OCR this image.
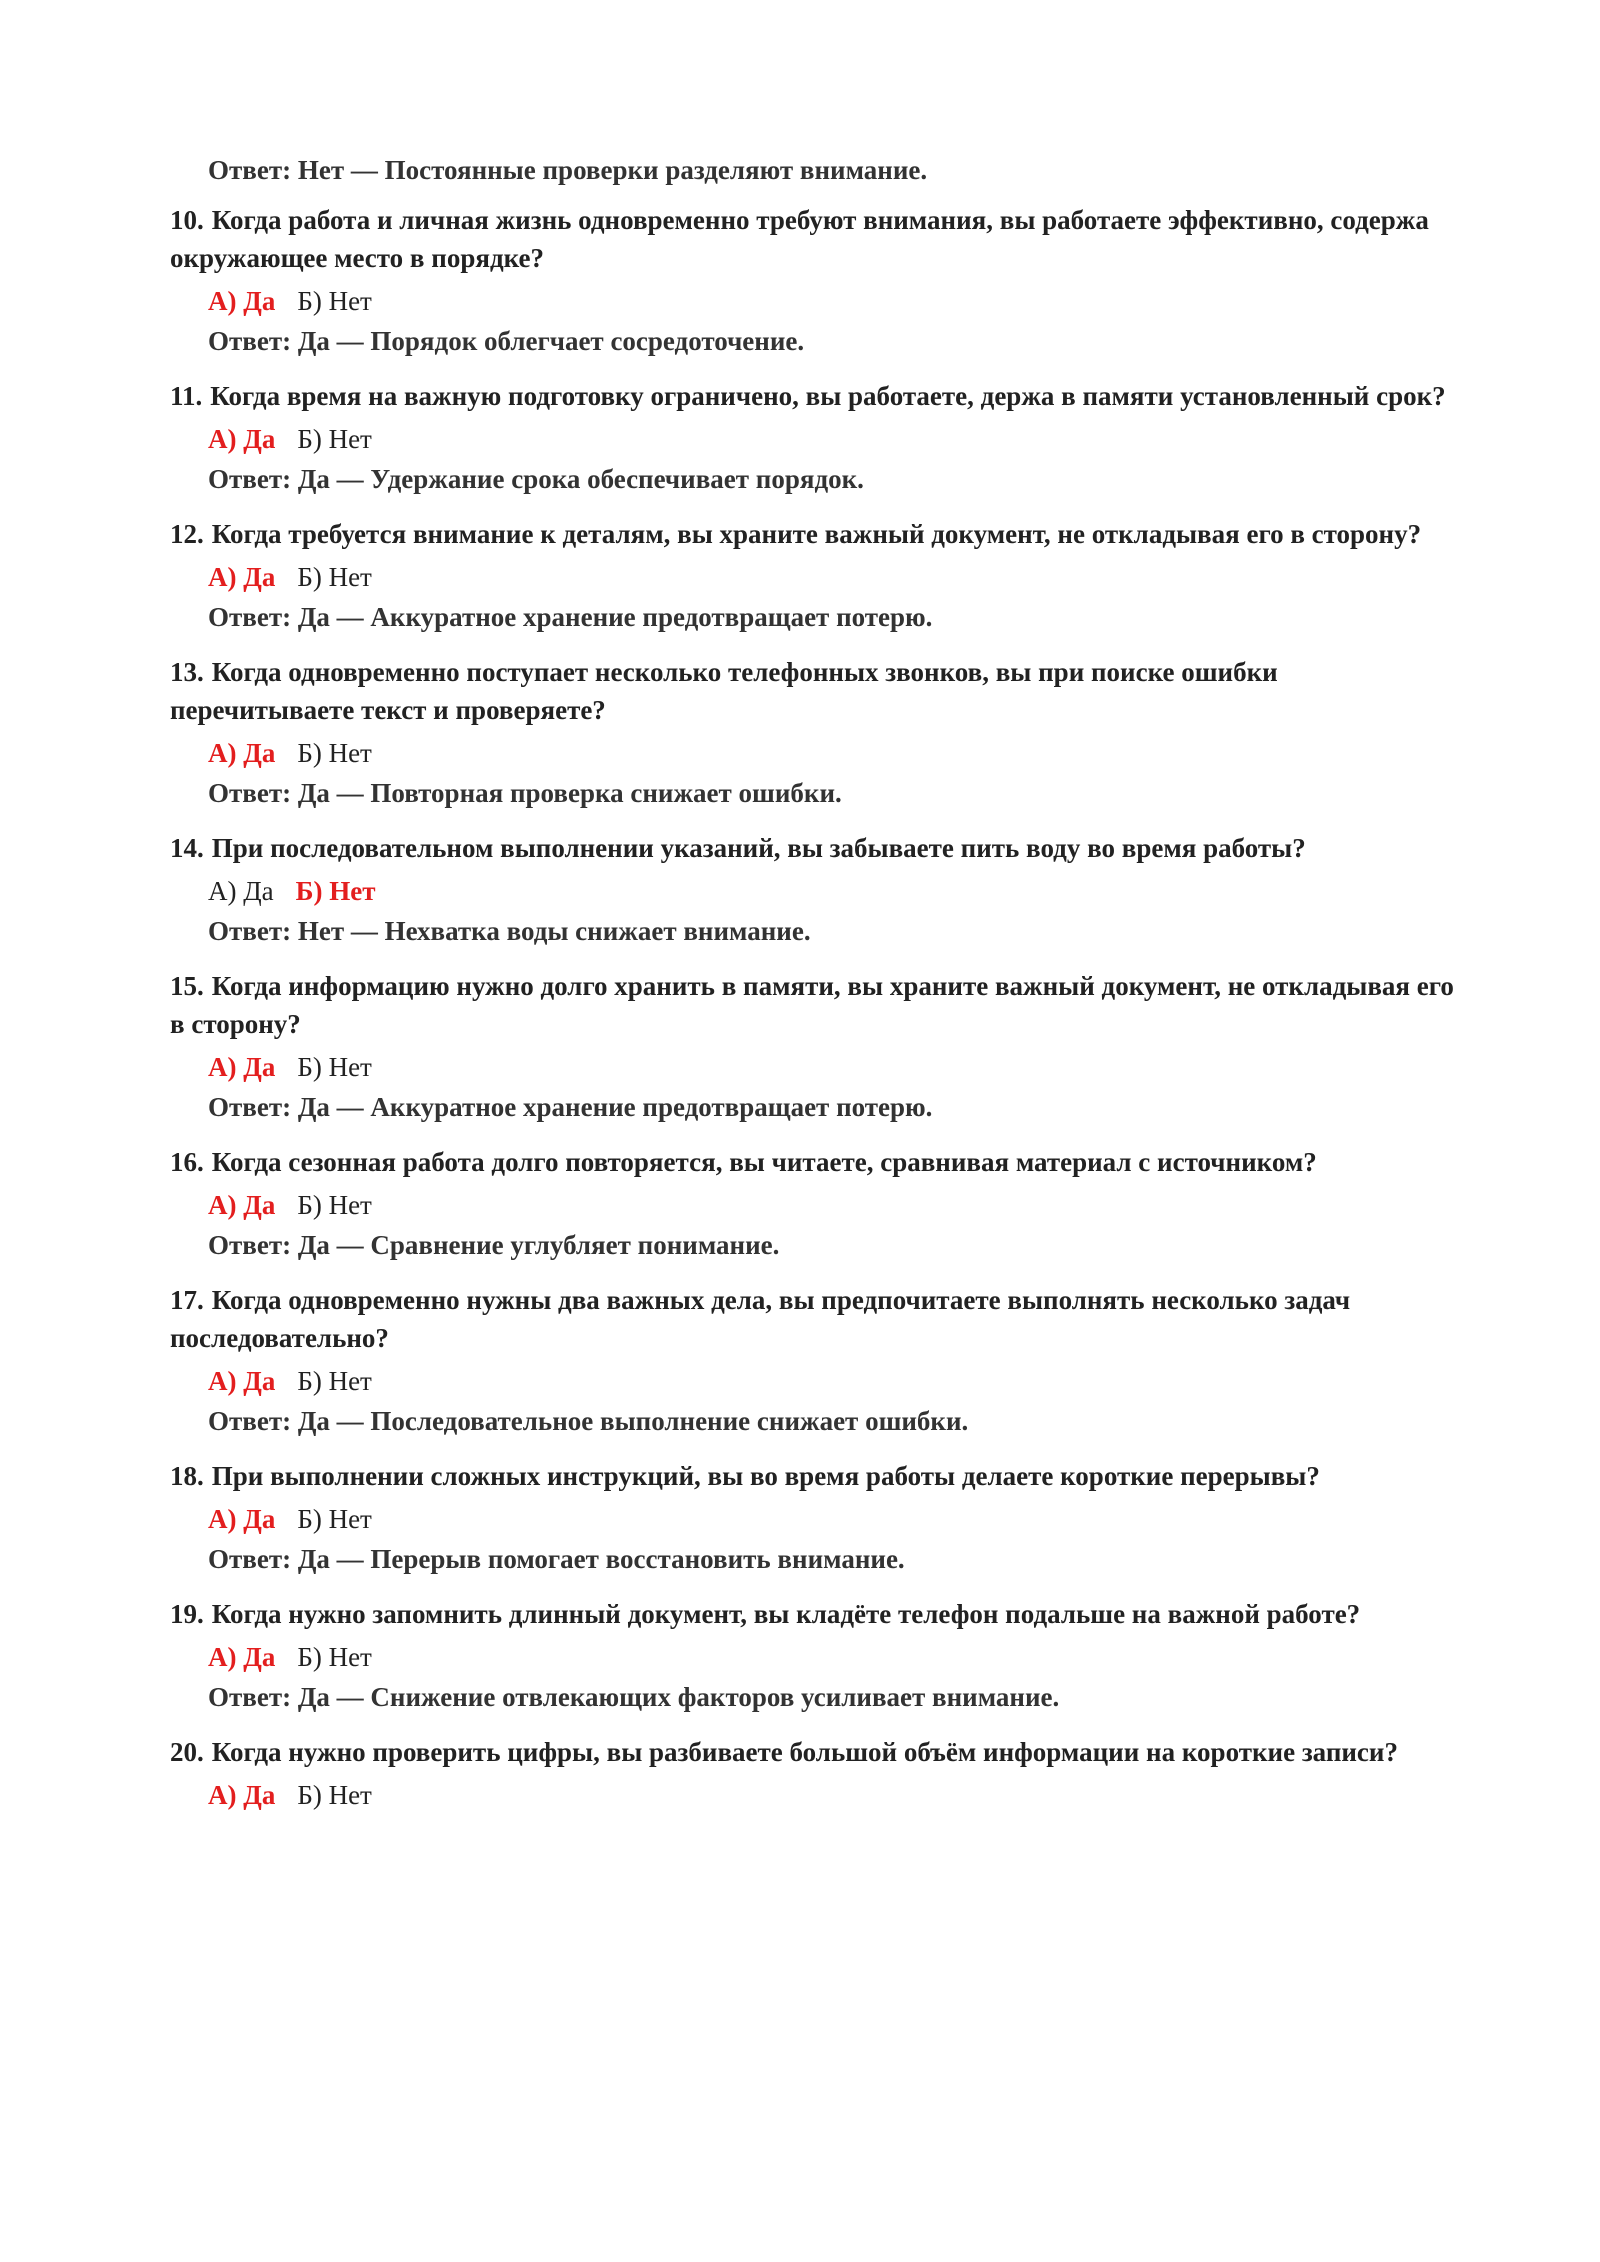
Ответ: Нет — Постоянные проверки разделяют внимание.
10. Когда работа и личная жизнь одновременно требуют внимания, вы работаете эффективно, содержа окружающее место в порядке?
А) Да Б) Нет
Ответ: Да — Порядок облегчает сосредоточение.
11. Когда время на важную подготовку ограничено, вы работаете, держа в памяти установленный срок?
А) Да Б) Нет
Ответ: Да — Удержание срока обеспечивает порядок.
12. Когда требуется внимание к деталям, вы храните важный документ, не откладывая его в сторону?
А) Да Б) Нет
Ответ: Да — Аккуратное хранение предотвращает потерю.
13. Когда одновременно поступает несколько телефонных звонков, вы при поиске ошибки перечитываете текст и проверяете?
А) Да Б) Нет
Ответ: Да — Повторная проверка снижает ошибки.
14. При последовательном выполнении указаний, вы забываете пить воду во время работы?
А) Да Б) Нет
Ответ: Нет — Нехватка воды снижает внимание.
15. Когда информацию нужно долго хранить в памяти, вы храните важный документ, не откладывая его в сторону?
А) Да Б) Нет
Ответ: Да — Аккуратное хранение предотвращает потерю.
16. Когда сезонная работа долго повторяется, вы читаете, сравнивая материал с источником?
А) Да Б) Нет
Ответ: Да — Сравнение углубляет понимание.
17. Когда одновременно нужны два важных дела, вы предпочитаете выполнять несколько задач последовательно?
А) Да Б) Нет
Ответ: Да — Последовательное выполнение снижает ошибки.
18. При выполнении сложных инструкций, вы во время работы делаете короткие перерывы?
А) Да Б) Нет
Ответ: Да — Перерыв помогает восстановить внимание.
19. Когда нужно запомнить длинный документ, вы кладёте телефон подальше на важной работе?
А) Да Б) Нет
Ответ: Да — Снижение отвлекающих факторов усиливает внимание.
20. Когда нужно проверить цифры, вы разбиваете большой объём информации на короткие записи?
А) Да Б) Нет
